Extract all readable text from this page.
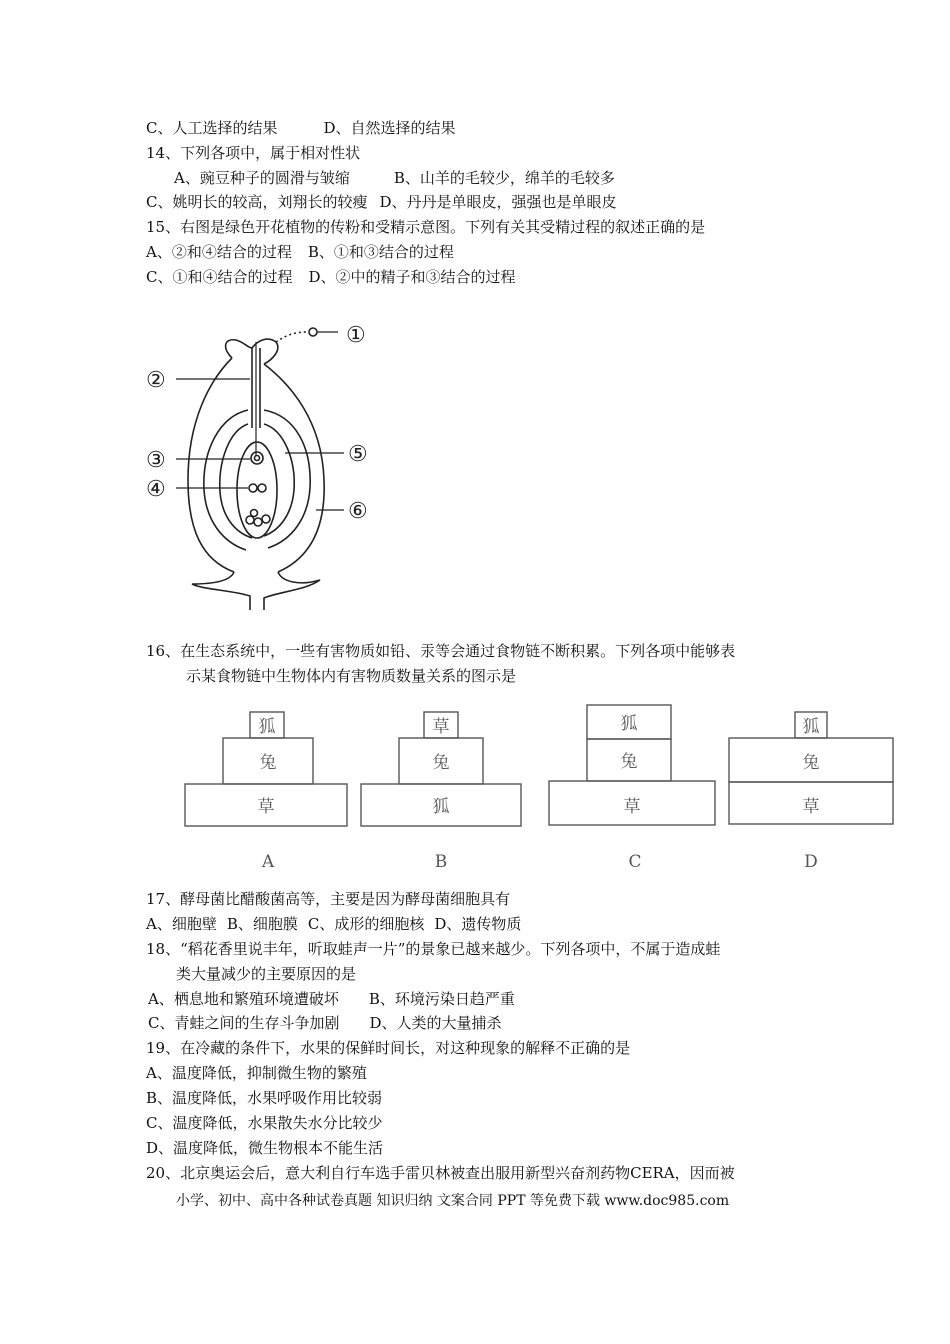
C、人工选择的结果	D、自然选择的结果
14、下列各项中，属于相对性状
A、豌豆种子的圆滑与皱缩	B、山羊的毛较少，绵羊的毛较多
C、姚明长的较高，刘翔长的较瘦 D、丹丹是单眼皮，强强也是单眼皮
15、右图是绿色开花植物的传粉和受精示意图。下列有关其受精过程的叙述正确的是
A、②和④结合的过程 B、①和③结合的过程
C、①和④结合的过程 D、②中的精子和③结合的过程
①
②
③
④
⑤
⑥
16、在生态系统中，一些有害物质如铅、汞等会通过食物链不断积累。下列各项中能够表
示某食物链中生物体内有害物质数量关系的图示是
狐
兔
草
A
草
兔
狐
B
狐
兔
草
C
狐
兔
草
D
17、酵母菌比醋酸菌高等，主要是因为酵母菌细胞具有
A、细胞壁 B、细胞膜 C、成形的细胞核 D、遗传物质
18、“稻花香里说丰年，听取蛙声一片”的景象已越来越少。下列各项中，不属于造成蛙
类大量减少的主要原因的是
A、栖息地和繁殖环境遭破坏 B、环境污染日趋严重
C、青蛙之间的生存斗争加剧 D、人类的大量捕杀
19、在冷藏的条件下，水果的保鲜时间长，对这种现象的解释不正确的是
A、温度降低，抑制微生物的繁殖
B、温度降低，水果呼吸作用比较弱
C、温度降低，水果散失水分比较少
D、温度降低，微生物根本不能生活
20、北京奥运会后，意大利自行车选手雷贝林被查出服用新型兴奋剂药物CERA，因而被
小学、初中、高中各种试卷真题 知识归纳 文案合同 PPT 等免费下载 www.doc985.com
